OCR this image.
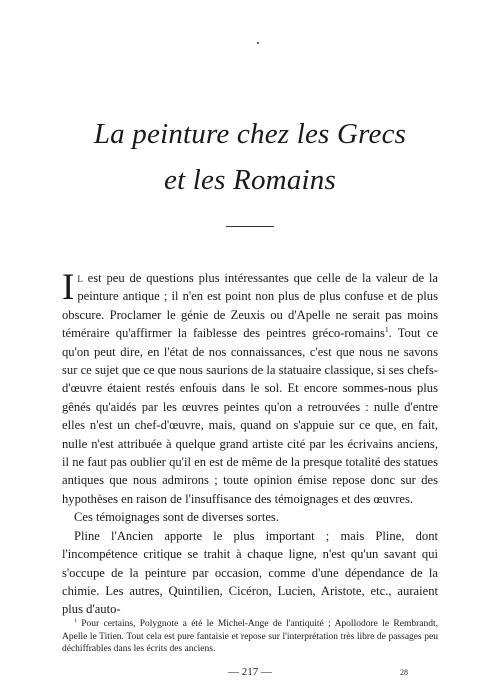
La peinture chez les Grecs
et les Romains

Il est peu de questions plus intéressantes que celle de la valeur de la peinture antique ; il n'en est point non plus de plus confuse et de plus obscure. Proclamer le génie de Zeuxis ou d'Apelle ne serait pas moins téméraire qu'affirmer la faiblesse des peintres gréco-romains$^1$. Tout ce qu'on peut dire, en l'état de nos connaissances, c'est que nous ne savons sur ce sujet que ce que nous saurions de la statuaire classique, si ses chefs-d'œuvre étaient restés enfouis dans le sol. Et encore sommes-nous plus gênés qu'aidés par les œuvres peintes qu'on a retrouvées : nulle d'entre elles n'est un chef-d'œuvre, mais, quand on s'appuie sur ce que, en fait, nulle n'est attribuée à quelque grand artiste cité par les écrivains anciens, il ne faut pas oublier qu'il en est de même de la presque totalité des statues antiques que nous admirons ; toute opinion émise repose donc sur des hypothèses en raison de l'insuffisance des témoignages et des œuvres.

Ces témoignages sont de diverses sortes.

Pline l'Ancien apporte le plus important ; mais Pline, dont l'incompétence critique se trahit à chaque ligne, n'est qu'un savant qui s'occupe de la peinture par occasion, comme d'une dépendance de la chimie. Les autres, Quintilien, Cicéron, Lucien, Aristote, etc., auraient plus d'auto-

$^1$ Pour certains, Polygnote a été le Michel-Ange de l'antiquité ; Apollodore le Rembrandt, Apelle le Titien. Tout cela est pure fantaisie et repose sur l'interprétation très libre de passages peu déchiffrables dans les écrits des anciens.

— 217 —	28
